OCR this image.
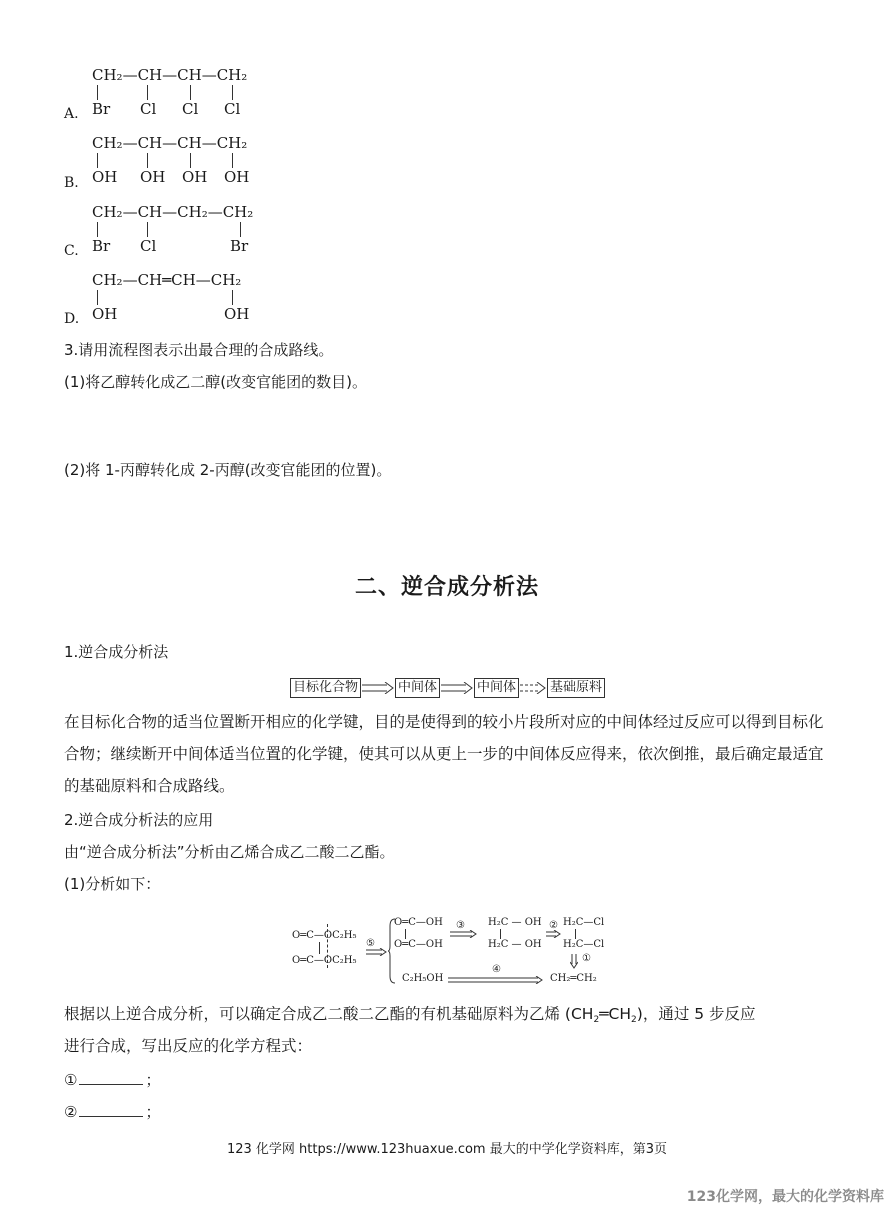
CH₂—CH—CH—CH₂
Br Cl Cl Cl
A.
CH₂—CH—CH—CH₂
OH OH OH OH
B.
CH₂—CH—CH₂—CH₂
Br Cl	Br
C.
CH₂—CH═CH—CH₂
OH	OH
D.
3.请用流程图表示出最合理的合成路线。
(1)将乙醇转化成乙二醇(改变官能团的数目)。
(2)将 1-丙醇转化成 2-丙醇(改变官能团的位置)。
二、逆合成分析法
1.逆合成分析法
目标化合物	中间体	中间体	基础原料
在目标化合物的适当位置断开相应的化学键，目的是使得到的较小片段所对应的中间体经过反应可以得到目标化合物；继续断开中间体适当位置的化学键，使其可以从更上一步的中间体反应得来，依次倒推，最后确定最适宜的基础原料和合成路线。
2.逆合成分析法的应用
由“逆合成分析法”分析由乙烯合成乙二酸二乙酯。
(1)分析如下：
O═C—OC₂H₅
O═C—OC₂H₅
⑤
O═C—OH
O═C—OH
③ H₂C — OH
H₂C — OH
② H₂C—Cl
H₂C—Cl
①
C₂H₅OH
④
CH₂═CH₂
根据以上逆合成分析，可以确定合成乙二酸二乙酯的有机基础原料为乙烯 $(CH_2═CH_2)$，通过 5 步反应
进行合成，写出反应的化学方程式：
①	；
②	；
123 化学网 https://www.123huaxue.com 最大的中学化学资料库，第3页
123化学网，最大的化学资料库
